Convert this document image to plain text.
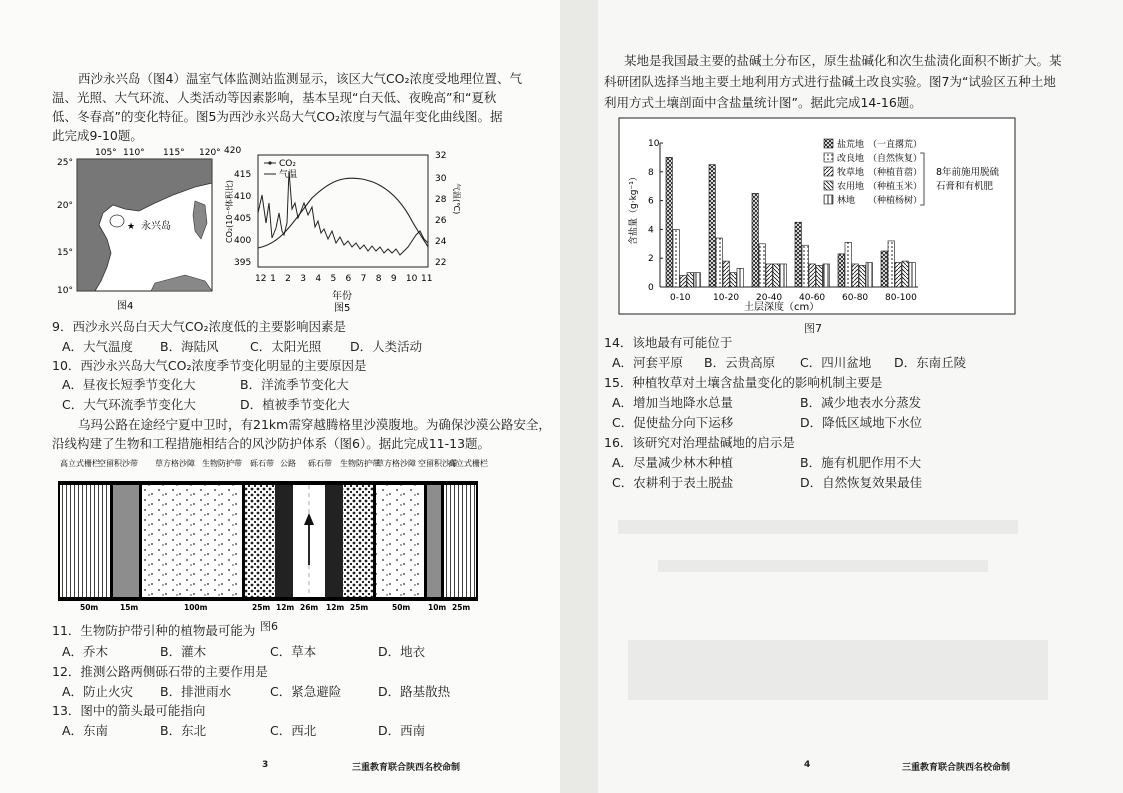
西沙永兴岛（图4）温室气体监测站监测显示，该区大气CO₂浓度受地理位置、气
温、光照、大气环流、人类活动等因素影响，基本呈现“白天低、夜晚高”和“夏秋
低、冬春高”的变化特征。图5为西沙永兴岛大气CO₂浓度与气温年变化曲线图。据
此完成9-10题。
105° 110° 115° 120°
25°
20°
15°
10°
永兴岛
★
图4
420	32
415
410
405
400
395
30
28
26
24
22
12 1 2 3 4 5 6 7 8 9 10 11
CO₂(10⁻⁶体积比)	气温(℃)
CO₂
气温
年份
图5
9．西沙永兴岛白天大气CO₂浓度低的主要影响因素是
A．大气温度 B．海陆风	C．太阳光照 D．人类活动
10．西沙永兴岛大气CO₂浓度季节变化明显的主要原因是
A．昼夜长短季节变化大	B．洋流季节变化大
C．大气环流季节变化大	D．植被季节变化大
乌玛公路在途经宁夏中卫时，有21km需穿越腾格里沙漠腹地。为确保沙漠公路安全，
沿线构建了生物和工程措施相结合的风沙防护体系（图6）。据此完成11-13题。
高立式栅栏
空留积沙带 草方格沙障 生物防护带 砾石带 公路 砾石带 生物防护带
草方格沙障 空留积沙带
高立式栅栏
50m	15m	100m	25m 12m 26m 12m 25m	50m 10m 25m
图6
11．生物防护带引种的植物最可能为
A．乔木	B．灌木	C．草本	D．地衣
12．推测公路两侧砾石带的主要作用是
A．防止火灾 B．排泄雨水	C．紧急避险	D．路基散热
13．图中的箭头最可能指向
A．东南	B．东北	C．西北	D．西南
3	三重教育联合陕西名校命制
某地是我国最主要的盐碱土分布区，原生盐碱化和次生盐渍化面积不断扩大。某
科研团队选择当地主要土地利用方式进行盐碱土改良实验。图7为“试验区五种土地
利用方式土壤剖面中含盐量统计图”。据此完成14-16题。
10
8
6
4
2
0
0-10	10-20 20-40 40-60 60-80 80-100
含盐量（g·kg⁻¹）
土层深度（cm）
盐荒地 （一直撂荒）
改良地 （自然恢复）
牧草地 （种植苜蓿）
农用地 （种植玉米）
林地 （种植杨树）
8年前施用脱硫
石膏和有机肥
图7
14．该地最有可能位于
A．河套平原 B．云贵高原 C．四川盆地 D．东南丘陵
15．种植牧草对土壤含盐量变化的影响机制主要是
A．增加当地降水总量	B．减少地表水分蒸发
C．促使盐分向下运移	D．降低区域地下水位
16．该研究对治理盐碱地的启示是
A．尽量减少林木种植	B．施有机肥作用不大
C．农耕利于表土脱盐	D．自然恢复效果最佳
4	三重教育联合陕西名校命制
